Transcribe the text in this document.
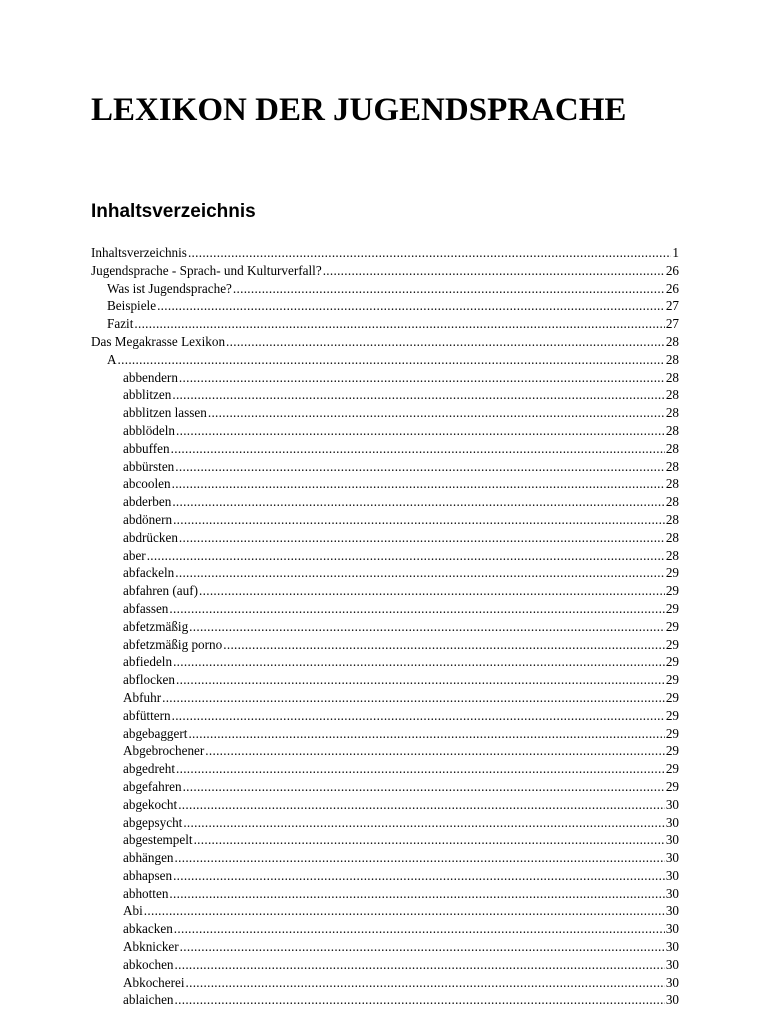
LEXIKON DER JUGENDSPRACHE
Inhaltsverzeichnis
Inhaltsverzeichnis .....	1
Jugendsprache - Sprach- und Kulturverfall? .....	26
Was ist Jugendsprache? .....	26
Beispiele .....	27
Fazit .....	27
Das Megakrasse Lexikon .....	28
A .....	28
abbendern .....	28
abblitzen .....	28
abblitzen lassen .....	28
abblödeln .....	28
abbuffen .....	28
abbürsten .....	28
abcoolen .....	28
abderben .....	28
abdönern .....	28
abdrücken .....	28
aber .....	28
abfackeln .....	29
abfahren (auf) .....	29
abfassen .....	29
abfetzmäßig .....	29
abfetzmäßig porno .....	29
abfiedeln .....	29
abflocken .....	29
Abfuhr .....	29
abfüttern .....	29
abgebaggert .....	29
Abgebrochener .....	29
abgedreht .....	29
abgefahren .....	29
abgekocht .....	30
abgepsycht .....	30
abgestempelt .....	30
abhängen .....	30
abhapsen .....	30
abhotten .....	30
Abi .....	30
abkacken .....	30
Abknicker .....	30
abkochen .....	30
Abkocherei .....	30
ablaichen .....	30
